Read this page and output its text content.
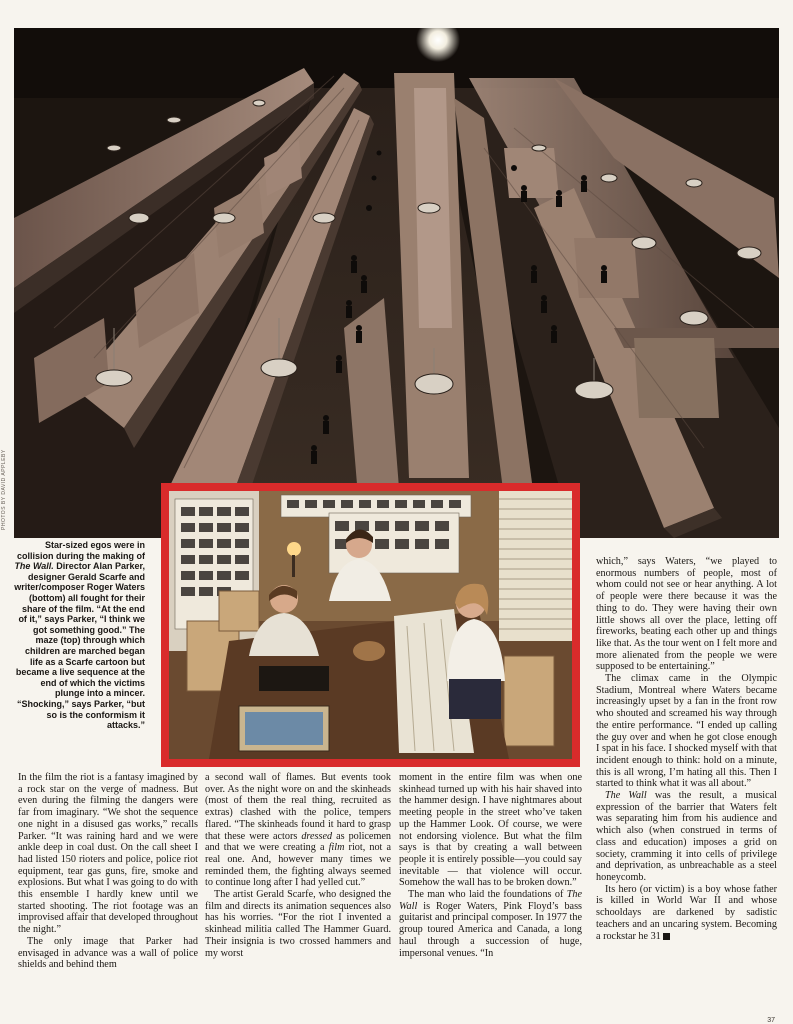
PHOTOS BY DAVID APPLEBY

Star-sized egos were in collision during the making of The Wall. Director Alan Parker, designer Gerald Scarfe and writer/composer Roger Waters (bottom) all fought for their share of the film. “At the end of it,” says Parker, “I think we got something good.” The maze (top) through which children are marched began life as a Scarfe cartoon but became a live sequence at the end of which the victims plunge into a mincer. “Shocking,” says Parker, “but so is the conformism it attacks.”

In the film the riot is a fantasy imagined by a rock star on the verge of madness. But even during the filming the dangers were far from imaginary. “We shot the sequence one night in a disused gas works,” recalls Parker. “It was raining hard and we were ankle deep in coal dust. On the call sheet I had listed 150 rioters and police, police riot equipment, tear gas guns, fire, smoke and explosions. But what I was going to do with this ensemble I hardly knew until we started shooting. The riot footage was an improvised affair that developed throughout the night.”

The only image that Parker had envisaged in advance was a wall of police shields and behind them

a second wall of flames. But events took over. As the night wore on and the skinheads (most of them the real thing, recruited as extras) clashed with the police, tempers flared. “The skinheads found it hard to grasp that these were actors dressed as policemen and that we were creating a film riot, not a real one. And, however many times we reminded them, the fighting always seemed to continue long after I had yelled cut.”

The artist Gerald Scarfe, who designed the film and directs its animation sequences also has his worries. “For the riot I invented a skinhead militia called The Hammer Guard. Their insignia is two crossed hammers and my worst

moment in the entire film was when one skinhead turned up with his hair shaved into the hammer design. I have nightmares about meeting people in the street who’ve taken up the Hammer Look. Of course, we were not endorsing violence. But what the film says is that by creating a wall between people it is entirely possible—you could say inevitable — that violence will occur. Somehow the wall has to be broken down.”

The man who laid the foundations of The Wall is Roger Waters, Pink Floyd’s bass guitarist and principal composer. In 1977 the group toured America and Canada, a long haul through a succession of huge, impersonal venues. “In

which,” says Waters, “we played to enormous numbers of people, most of whom could not see or hear anything. A lot of people were there because it was the thing to do. They were having their own little shows all over the place, letting off fireworks, beating each other up and things like that. As the tour went on I felt more and more alienated from the people we were supposed to be entertaining.”

The climax came in the Olympic Stadium, Montreal where Waters became increasingly upset by a fan in the front row who shouted and screamed his way through the entire performance. “I ended up calling the guy over and when he got close enough I spat in his face. I shocked myself with that incident enough to think: hold on a minute, this is all wrong, I’m hating all this. Then I started to think what it was all about.”

The Wall was the result, a musical expression of the barrier that Waters felt was separating him from his audience and which also (when construed in terms of class and education) imposes a grid on society, cramming it into cells of privilege and deprivation, as unbreachable as a steel honeycomb.

Its hero (or victim) is a boy whose father is killed in World War II and whose schooldays are darkened by sadistic teachers and an uncaring system. Becoming a rockstar he 31

37
